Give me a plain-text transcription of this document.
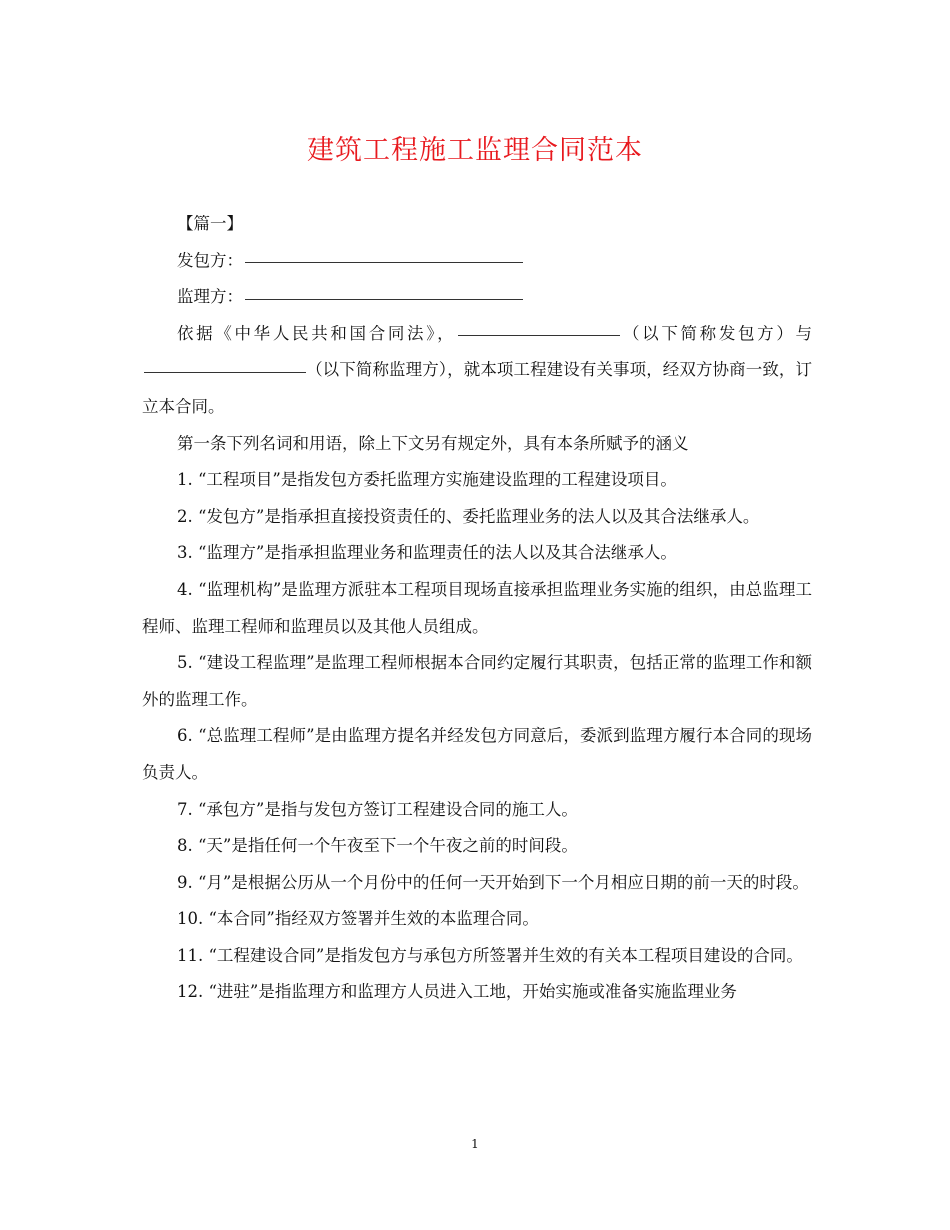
建筑工程施工监理合同范本

【篇一】

发包方：

监理方：

依据《中华人民共和国合同法》，	（以下简称发包方）与（以下简称监理方），就本项工程建设有关事项，经双方协商一致，订立本合同。

第一条下列名词和用语，除上下文另有规定外，具有本条所赋予的涵义

1. “工程项目”是指发包方委托监理方实施建设监理的工程建设项目。

2. “发包方”是指承担直接投资责任的、委托监理业务的法人以及其合法继承人。

3. “监理方”是指承担监理业务和监理责任的法人以及其合法继承人。

4. “监理机构”是监理方派驻本工程项目现场直接承担监理业务实施的组织，由总监理工程师、监理工程师和监理员以及其他人员组成。

5. “建设工程监理”是监理工程师根据本合同约定履行其职责，包括正常的监理工作和额外的监理工作。

6. “总监理工程师”是由监理方提名并经发包方同意后，委派到监理方履行本合同的现场负责人。

7. “承包方”是指与发包方签订工程建设合同的施工人。

8. “天”是指任何一个午夜至下一个午夜之前的时间段。

9. “月”是根据公历从一个月份中的任何一天开始到下一个月相应日期的前一天的时段。

10. “本合同”指经双方签署并生效的本监理合同。

11. “工程建设合同”是指发包方与承包方所签署并生效的有关本工程项目建设的合同。

12. “进驻”是指监理方和监理方人员进入工地，开始实施或准备实施监理业务

1
